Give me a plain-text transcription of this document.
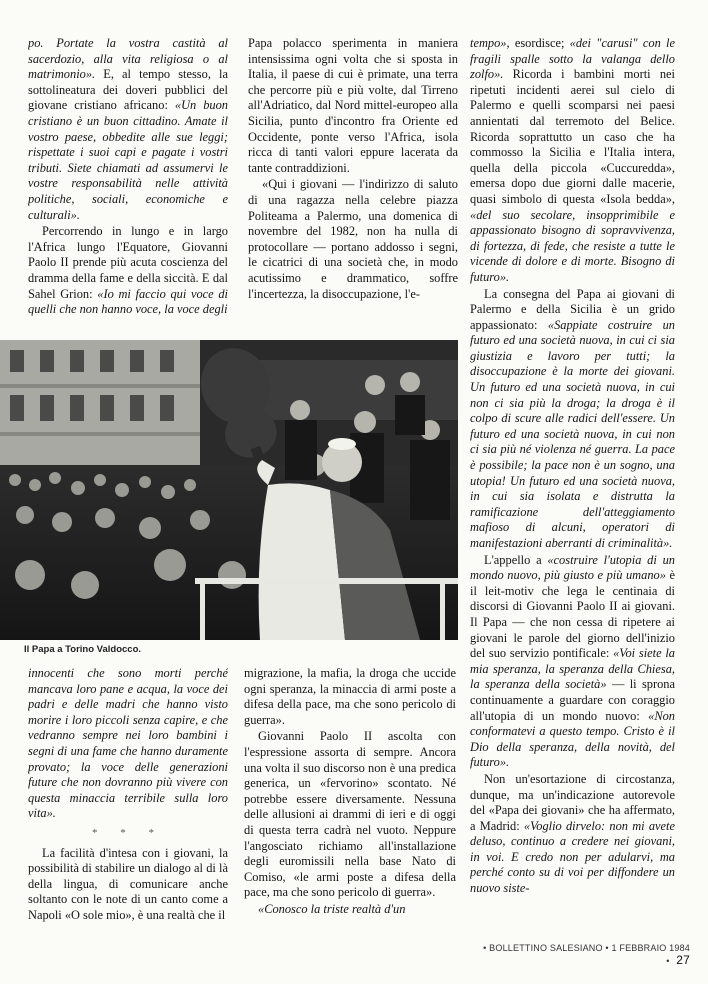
po. Portate la vostra castità al sacerdozio, alla vita religiosa o al matrimonio». E, al tempo stesso, la sottolineatura dei doveri pubblici del giovane cristiano africano: «Un buon cristiano è un buon cittadino. Amate il vostro paese, obbedite alle sue leggi; rispettate i suoi capi e pagate i vostri tributi. Siete chiamati ad assumervi le vostre responsabilità nelle attività politiche, sociali, economiche e culturali».

Percorrendo in lungo e in largo l'Africa lungo l'Equatore, Giovanni Paolo II prende più acuta coscienza del dramma della fame e della siccità. E dal Sahel Grion: «Io mi faccio qui voce di quelli che non hanno voce, la voce degli

Papa polacco sperimenta in maniera intensissima ogni volta che si sposta in Italia, il paese di cui è primate, una terra che percorre più e più volte, dal Tirreno all'Adriatico, dal Nord mittel-europeo alla Sicilia, punto d'incontro fra Oriente ed Occidente, ponte verso l'Africa, isola ricca di tanti valori eppure lacerata da tante contraddizioni.

«Qui i giovani — l'indirizzo di saluto di una ragazza nella celebre piazza Politeama a Palermo, una domenica di novembre del 1982, non ha nulla di protocollare — portano addosso i segni, le cicatrici di una società che, in modo acutissimo e drammatico, soffre l'incertezza, la disoccupazione, l'e-

tempo», esordisce; «dei "carusi" con le fragili spalle sotto la valanga dello zolfo». Ricorda i bambini morti nei ripetuti incidenti aerei sul cielo di Palermo e quelli scomparsi nei paesi annientati dal terremoto del Belice. Ricorda soprattutto un caso che ha commosso la Sicilia e l'Italia intera, quella della piccola «Cuccuredda», emersa dopo due giorni dalle macerie, quasi simbolo di questa «Isola bedda», «del suo secolare, insopprimibile e appassionato bisogno di sopravvivenza, di fortezza, di fede, che resiste a tutte le vicende di dolore e di morte. Bisogno di futuro».

La consegna del Papa ai giovani di Palermo e della Sicilia è un grido appassionato: «Sappiate costruire un futuro ed una società nuova, in cui ci sia giustizia e lavoro per tutti; la disoccupazione è la morte dei giovani. Un futuro ed una società nuova, in cui non ci sia più la droga; la droga è il colpo di scure alle radici dell'essere. Un futuro ed una società nuova, in cui non ci sia più né violenza né guerra. La pace è possibile; la pace non è un sogno, una utopia! Un futuro ed una società nuova, in cui sia isolata e distrutta la ramificazione dell'atteggiamento mafioso di alcuni, operatori di manifestazioni aberranti di criminalità».

L'appello a «costruire l'utopia di un mondo nuovo, più giusto e più umano» è il leit-motiv che lega le centinaia di discorsi di Giovanni Paolo II ai giovani. Il Papa — che non cessa di ripetere ai giovani le parole del giorno dell'inizio del suo servizio pontificale: «Voi siete la mia speranza, la speranza della Chiesa, la speranza della società» — li sprona continuamente a guardare con coraggio all'utopia di un mondo nuovo: «Non conformatevi a questo tempo. Cristo è il Dio della speranza, della novità, del futuro».

Non un'esortazione di circostanza, dunque, ma un'indicazione autorevole del «Papa dei giovani» che ha affermato, a Madrid: «Voglio dirvelo: non mi avete deluso, continuo a credere nei giovani, in voi. E credo non per adularvi, ma perché conto su di voi per diffondere un nuovo siste-

Il Papa a Torino Valdocco.

innocenti che sono morti perché mancava loro pane e acqua, la voce dei padri e delle madri che hanno visto morire i loro piccoli senza capire, e che vedranno sempre nei loro bambini i segni di una fame che hanno duramente provato; la voce delle generazioni future che non dovranno più vivere con questa minaccia terribile sulla loro vita».

* * *

La facilità d'intesa con i giovani, la possibilità di stabilire un dialogo al di là della lingua, di comunicare anche soltanto con le note di un canto come a Napoli «O sole mio», è una realtà che il

migrazione, la mafia, la droga che uccide ogni speranza, la minaccia di armi poste a difesa della pace, ma che sono pericolo di guerra».

Giovanni Paolo II ascolta con l'espressione assorta di sempre. Ancora una volta il suo discorso non è una predica generica, un «fervorino» scontato. Né potrebbe essere diversamente. Nessuna delle allusioni ai drammi di ieri e di oggi di questa terra cadrà nel vuoto. Neppure l'angosciato richiamo all'installazione degli euromissili nella base Nato di Comiso, «le armi poste a difesa della pace, ma che sono pericolo di guerra».

«Conosco la triste realtà d'un

• BOLLETTINO SALESIANO • 1 FEBBRAIO 1984 • 27
